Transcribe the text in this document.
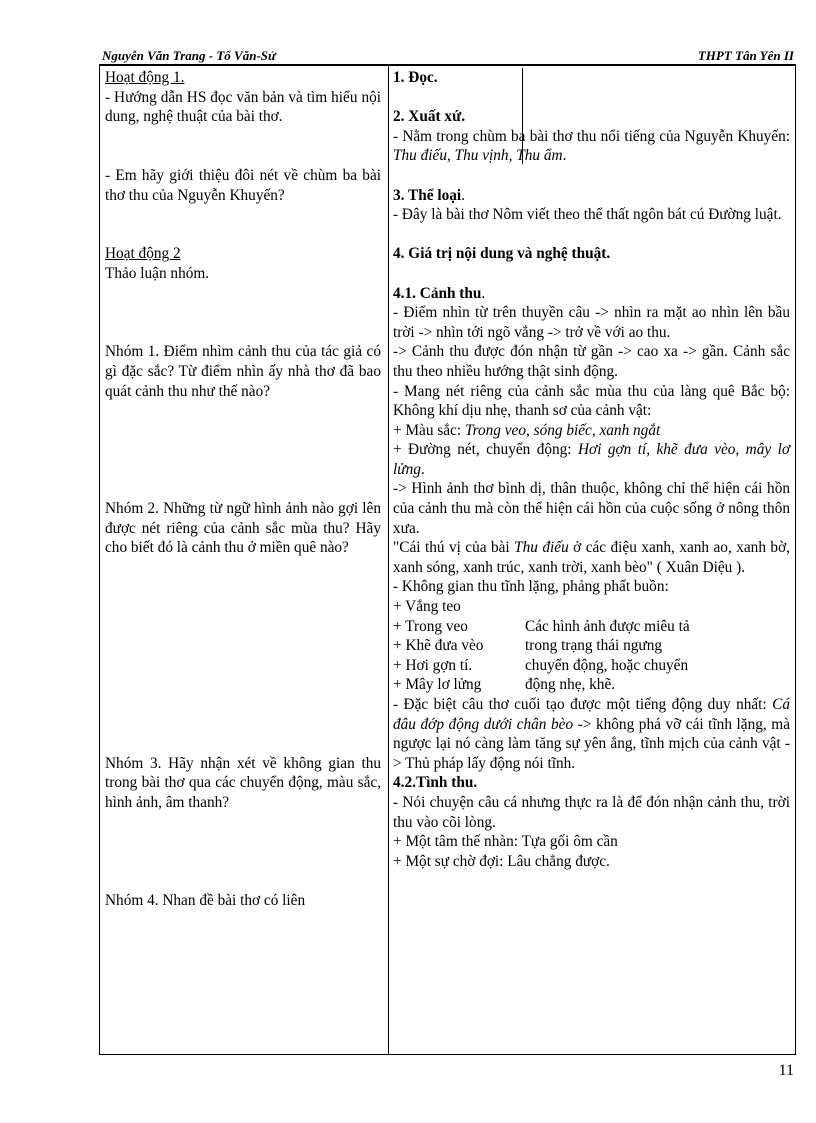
Nguyễn Văn Trang - Tổ Văn-Sử	THPT Tân Yên II

Hoạt động 1.

- Hướng dẫn HS đọc văn bản và tìm hiểu nội dung, nghệ thuật của bài thơ.

- Em hãy giới thiệu đôi nét về chùm ba bài thơ thu của Nguyễn Khuyến?

Hoạt động 2

Thảo luận nhóm.

Nhóm 1. Điểm nhìm cảnh thu của tác giả có gì đặc sắc? Từ điểm nhìn ấy nhà thơ đã bao quát cảnh thu như thế nào?

Nhóm 2. Những từ ngữ hình ảnh nào gợi lên được nét riêng của cảnh sắc mùa thu? Hãy cho biết đó là cảnh thu ở miền quê nào?

Nhóm 3. Hãy nhận xét về không gian thu trong bài thơ qua các chuyển động, màu sắc, hình ảnh, âm thanh?

Nhóm 4. Nhan đề bài thơ có liên

1. Đọc.

2. Xuất xứ.

- Nằm trong chùm ba bài thơ thu nổi tiếng của Nguyễn Khuyến: Thu điếu, Thu vịnh, Thu ẩm.

3. Thể loại.

- Đây là bài thơ Nôm viết theo thể thất ngôn bát cú Đường luật.

4. Giá trị nội dung và nghệ thuật.

4.1. Cảnh thu.

- Điểm nhìn từ trên thuyền câu -> nhìn ra mặt ao nhìn lên bầu trời -> nhìn tới ngõ vắng -> trở về với ao thu.

-> Cảnh thu được đón nhận từ gần -> cao xa -> gần. Cảnh sắc thu theo nhiều hướng thật sinh động.

- Mang nét riêng của cảnh sắc mùa thu của làng quê Bắc bộ: Không khí dịu nhẹ, thanh sơ của cảnh vật:

+ Màu sắc: Trong veo, sóng biếc, xanh ngắt

+ Đường nét, chuyển động: Hơi gợn tí, khẽ đưa vèo, mây lơ lửng.

-> Hình ảnh thơ bình dị, thân thuộc, không chỉ thể hiện cái hồn của cảnh thu mà còn thể hiện cái hồn của cuộc sống ở nông thôn xưa.

"Cái thú vị của bài Thu điếu ở các điệu xanh, xanh ao, xanh bờ, xanh sóng, xanh trúc, xanh trời, xanh bèo" ( Xuân Diệu ).

- Không gian thu tĩnh lặng, phảng phất buồn:

+ Vắng teo

+ Trong veo

+ Khẽ đưa vèo

+ Hơi gợn tí.

+ Mây lơ lửng

Các hình ảnh được miêu tả

trong trạng thái ngưng

chuyển động, hoặc chuyển

động nhẹ, khẽ.

- Đặc biệt câu thơ cuối tạo được một tiếng động duy nhất: Cá đâu đớp động dưới chân bèo -> không phá vỡ cái tĩnh lặng, mà ngược lại nó càng làm tăng sự yên ắng, tĩnh mịch của cảnh vật -> Thủ pháp lấy động nói tĩnh.

4.2.Tình thu.

- Nói chuyện câu cá nhưng thực ra là để đón nhận cảnh thu, trời thu vào cõi lòng.

+ Một tâm thế nhàn: Tựa gối ôm cần

+ Một sự chờ đợi: Lâu chẳng được.

11
